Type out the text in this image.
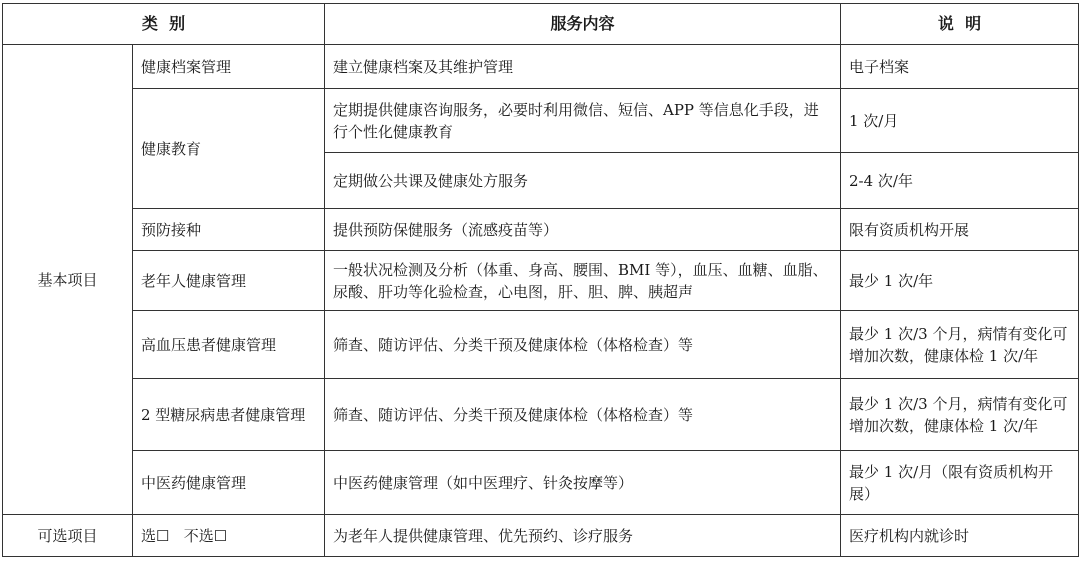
类  别		服务内容	说  明
基本项目	健康档案管理	建立健康档案及其维护管理	电子档案
	健康教育	定期提供健康咨询服务，必要时利用微信、短信、APP 等信息化手段，进行个性化健康教育	1 次/月
		定期做公共课及健康处方服务	2-4 次/年
	预防接种	提供预防保健服务（流感疫苗等）	限有资质机构开展
	老年人健康管理	一般状况检测及分析（体重、身高、腰围、BMI 等），血压、血糖、血脂、尿酸、肝功等化验检查，心电图，肝、胆、脾、胰超声	最少 1 次/年
	高血压患者健康管理	筛查、随访评估、分类干预及健康体检（体格检查）等	最少 1 次/3 个月，病情有变化可增加次数，健康体检 1 次/年
	2 型糖尿病患者健康管理	筛查、随访评估、分类干预及健康体检（体格检查）等	最少 1 次/3 个月，病情有变化可增加次数，健康体检 1 次/年
	中医药健康管理	中医药健康管理（如中医理疗、针灸按摩等）	最少 1 次/月（限有资质机构开展）
可选项目	选☐   不选☐	为老年人提供健康管理、优先预约、诊疗服务	医疗机构内就诊时
